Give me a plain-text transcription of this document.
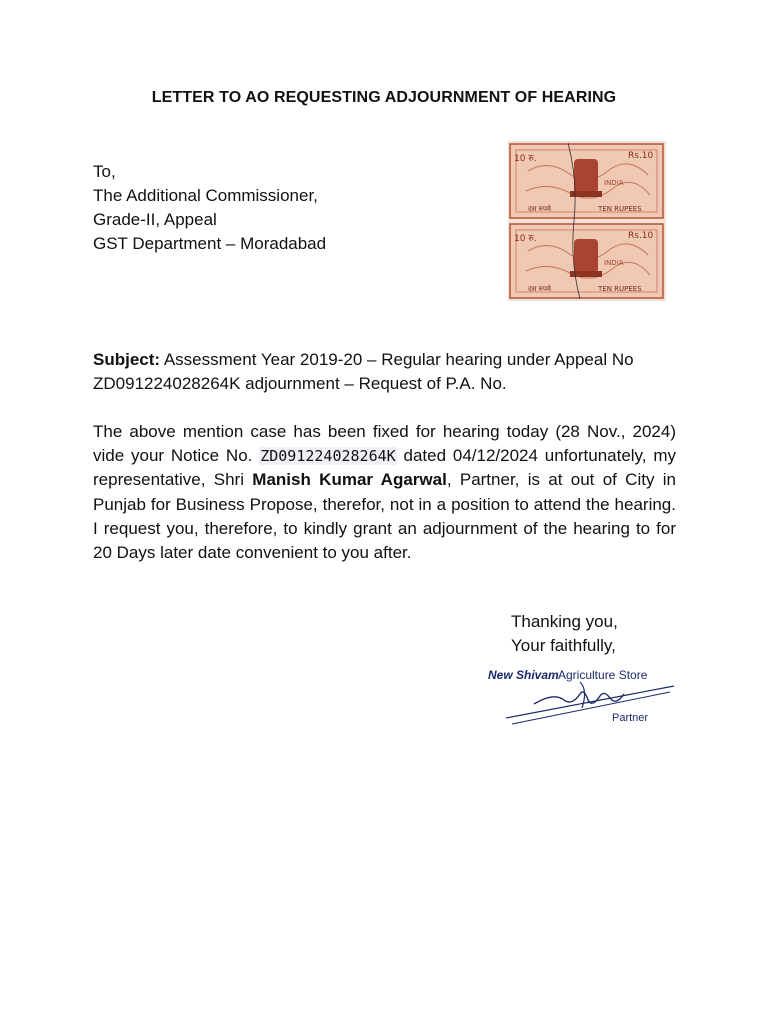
LETTER TO AO REQUESTING ADJOURNMENT OF HEARING
To,
The Additional Commissioner,
Grade-II, Appeal
GST Department – Moradabad
10 रु.	Rs.10
INDIA
दस रुपये	TEN RUPEES
10 रु.	Rs.10
INDIA
दस रुपये	TEN RUPEES
Subject: Assessment Year 2019-20 – Regular hearing under Appeal No ZD091224028264K adjournment – Request of P.A. No.
The above mention case has been fixed for hearing today (28 Nov., 2024) vide your Notice No. ZD091224028264K dated 04/12/2024 unfortunately, my representative, Shri Manish Kumar Agarwal, Partner, is at out of City in Punjab for Business Propose, therefor, not in a position to attend the hearing. I request you, therefore, to kindly grant an adjournment of the hearing to for 20 Days later date convenient to you after.
Thanking you,
Your faithfully,
New Shivam Agriculture Store
Partner
